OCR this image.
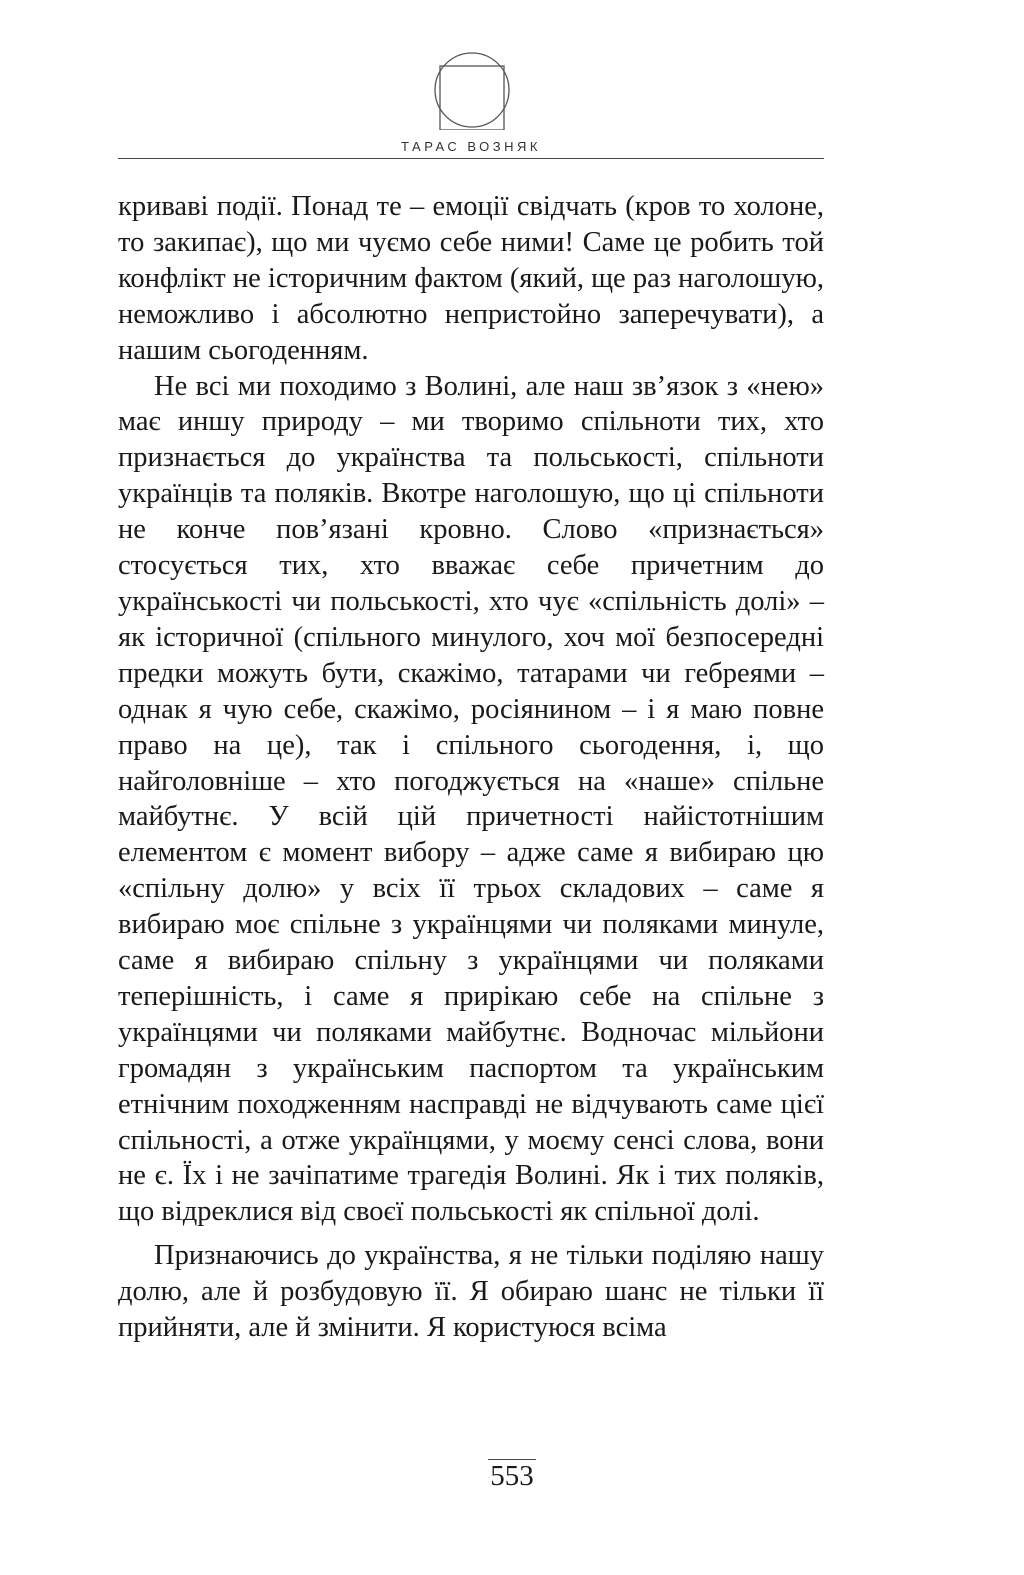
ТАРАС ВОЗНЯК

криваві події. Понад те – емоції свідчать (кров то холоне, то закипає), що ми чуємо себе ними! Саме це робить той конфлікт не історичним фактом (який, ще раз наголошую, неможливо і абсолютно непристойно заперечувати), а нашим сьогоденням.

Не всі ми походимо з Волині, але наш зв’язок з «нею» має иншу природу – ми творимо спільноти тих, хто признається до українства та польськості, спільноти українців та поляків. Вкотре наголошую, що ці спільноти не конче пов’язані кровно. Слово «признається» стосується тих, хто вважає себе причетним до українськості чи польськості, хто чує «спільність долі» – як історичної (спільного минулого, хоч мої безпосередні предки можуть бути, скажімо, татарами чи гебреями – однак я чую себе, скажімо, росіянином – і я маю повне право на це), так і спільного сьогодення, і, що найголовніше – хто погоджується на «наше» спільне майбутнє. У всій цій причетності найістотнішим елементом є момент вибору – адже саме я вибираю цю «спільну долю» у всіх її трьох складових – саме я вибираю моє спільне з українцями чи поляками минуле, саме я вибираю спільну з українцями чи поляками теперішність, і саме я прирікаю себе на спільне з українцями чи поляками майбутнє. Водночас мільйони громадян з українським паспортом та українським етнічним походженням насправді не відчувають саме цієї спільності, а отже українцями, у моєму сенсі слова, вони не є. Їх і не зачіпатиме трагедія Волині. Як і тих поляків, що відреклися від своєї польськості як спільної долі.

Признаючись до українства, я не тільки поділяю нашу долю, але й розбудовую її. Я обираю шанс не тільки її прийняти, але й змінити. Я користуюся всіма

553
